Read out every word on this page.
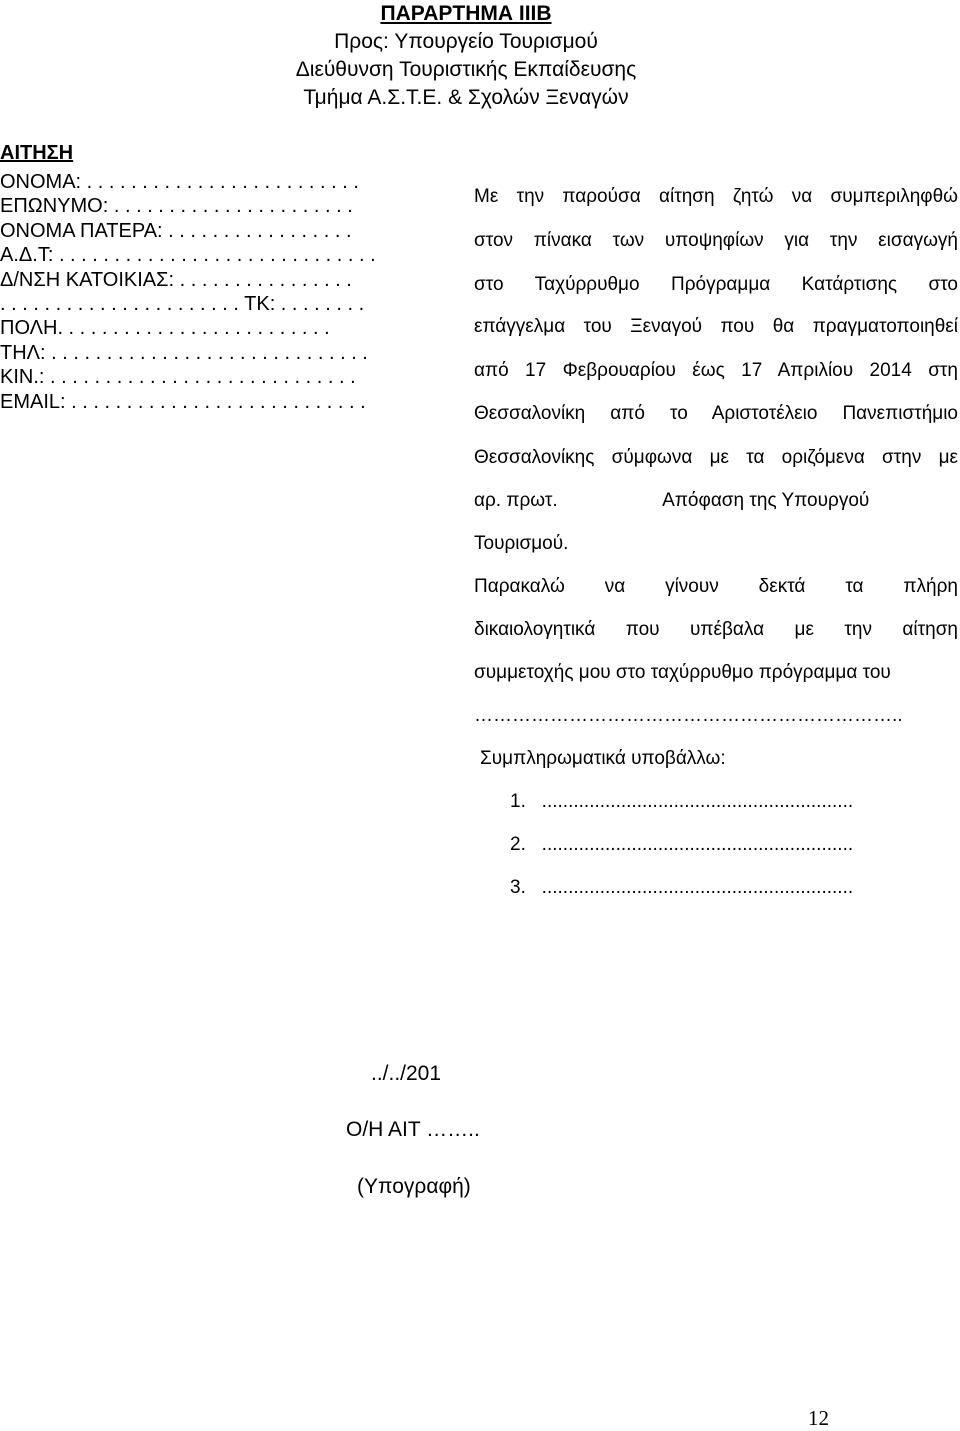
ΠΑΡΑΡΤΗΜΑ ΙΙΙΒ
Προς: Υπουργείο Τουρισμού
Διεύθυνση Τουριστικής Εκπαίδευσης
Τμήμα Α.Σ.Τ.Ε. & Σχολών Ξεναγών
ΑΙΤΗΣΗ
ΟΝΟΜΑ: . . . . . . . . . . . . . . . . . . . . . . . . .
ΕΠΩΝΥΜΟ: . . . . . . . . . . . . . . . . . . . . . .
ΟΝΟΜΑ ΠΑΤΕΡΑ: . . . . . . . . . . . . . . . . .
Α.Δ.Τ: . . . . . . . . . . . . . . . . . . . . . . . . . . . . .
Δ/ΝΣΗ ΚΑΤΟΙΚΙΑΣ: . . . . . . . . . . . . . . . .
. . . . . . . . . . . . . . . . . . . . . . ΤΚ: . . . . . . . .
ΠΟΛΗ. . . . . . . . . . . . . . . . . . . . . . . . .
ΤΗΛ: . . . . . . . . . . . . . . . . . . . . . . . . . . . . .
ΚΙΝ.: . . . . . . . . . . . . . . . . . . . . . . . . . . . .
EMAIL: . . . . . . . . . . . . . . . . . . . . . . . . . . .
Με την παρούσα αίτηση ζητώ να συμπεριληφθώ
στον πίνακα των υποψηφίων για την εισαγωγή
στο Ταχύρρυθμο Πρόγραμμα Κατάρτισης στο
επάγγελμα του Ξεναγού που θα πραγματοποιηθεί
από 17 Φεβρουαρίου έως 17 Απριλίου 2014 στη
Θεσσαλονίκη από το Αριστοτέλειο Πανεπιστήμιο
Θεσσαλονίκης σύμφωνα με τα οριζόμενα στην με
αρ. πρωτ.                    Απόφαση της Υπουργού
Τουρισμού.
Παρακαλώ να γίνουν δεκτά τα πλήρη
δικαιολογητικά που υπέβαλα με την αίτηση
συμμετοχής μου στο ταχύρρυθμο πρόγραμμα του
…………………………………………………………..
Συμπληρωματικά υποβάλλω:
1.   ...........................................................
2.   ...........................................................
3.   ...........................................................
../../201
Ο/Η ΑΙΤ ……..
(Υπογραφή)
12
